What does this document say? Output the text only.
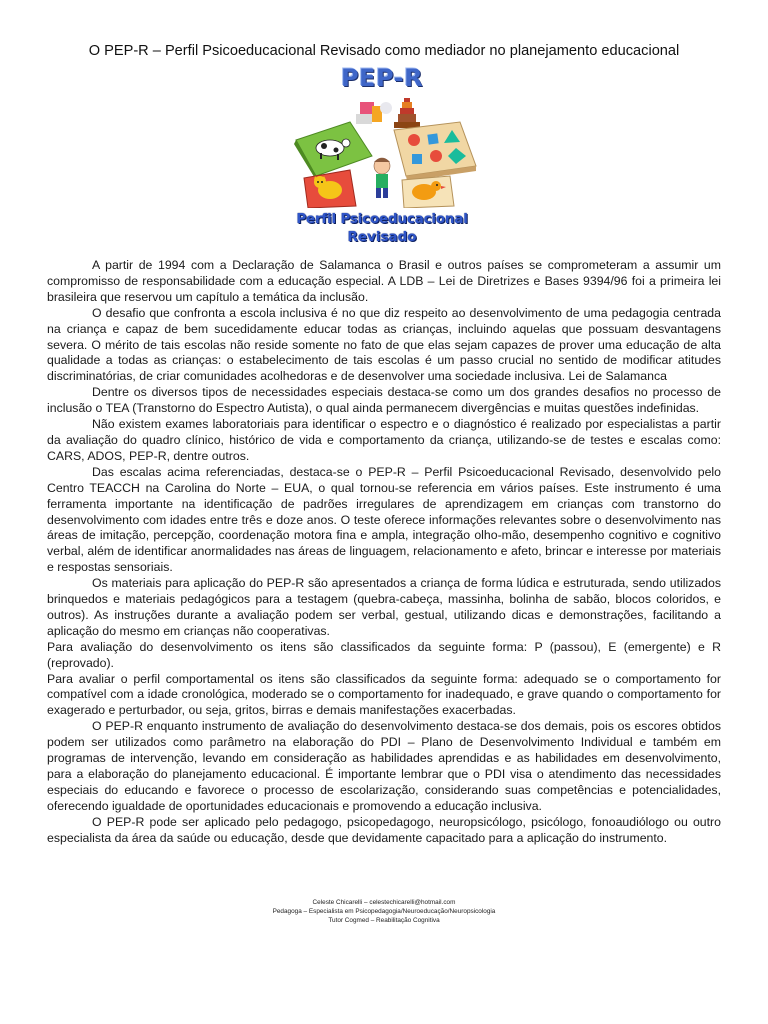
O PEP-R – Perfil Psicoeducacional Revisado como mediador no planejamento educacional
PEP-R
Perfil Psicoeducacional
Revisado

A partir de 1994 com a Declaração de Salamanca o Brasil e outros países se comprometeram a assumir um compromisso de responsabilidade com a educação especial. A LDB – Lei de Diretrizes e Bases 9394/96 foi a primeira lei brasileira que reservou um capítulo a temática da inclusão.

O desafio que confronta a escola inclusiva é no que diz respeito ao desenvolvimento de uma pedagogia centrada na criança e capaz de bem sucedidamente educar todas as crianças, incluindo aquelas que possuam desvantagens severa. O mérito de tais escolas não reside somente no fato de que elas sejam capazes de prover uma educação de alta qualidade a todas as crianças: o estabelecimento de tais escolas é um passo crucial no sentido de modificar atitudes discriminatórias, de criar comunidades acolhedoras e de desenvolver uma sociedade inclusiva. Lei de Salamanca

Dentre os diversos tipos de necessidades especiais destaca-se como um dos grandes desafios no processo de inclusão o TEA (Transtorno do Espectro Autista), o qual ainda permanecem divergências e muitas questões indefinidas.

Não existem exames laboratoriais para identificar o espectro e o diagnóstico é realizado por especialistas a partir da avaliação do quadro clínico, histórico de vida e comportamento da criança, utilizando-se de testes e escalas como: CARS, ADOS, PEP-R, dentre outros.

Das escalas acima referenciadas, destaca-se o PEP-R – Perfil Psicoeducacional Revisado, desenvolvido pelo Centro TEACCH na Carolina do Norte – EUA, o qual tornou-se referencia em vários países. Este instrumento é uma ferramenta importante na identificação de padrões irregulares de aprendizagem em crianças com transtorno do desenvolvimento com idades entre três e doze anos. O teste oferece informações relevantes sobre o desenvolvimento nas áreas de imitação, percepção, coordenação motora fina e ampla, integração olho-mão, desempenho cognitivo e cognitivo verbal, além de identificar anormalidades nas áreas de linguagem, relacionamento e afeto, brincar e interesse por materiais e respostas sensoriais.

Os materiais para aplicação do PEP-R são apresentados a criança de forma lúdica e estruturada, sendo utilizados brinquedos e materiais pedagógicos para a testagem (quebra-cabeça, massinha, bolinha de sabão, blocos coloridos, e outros). As instruções durante a avaliação podem ser verbal, gestual, utilizando dicas e demonstrações, facilitando a aplicação do mesmo em crianças não cooperativas.

Para avaliação do desenvolvimento os itens são classificados da seguinte forma: P (passou), E (emergente) e R (reprovado).

Para avaliar o perfil comportamental os itens são classificados da seguinte forma: adequado se o comportamento for compatível com a idade cronológica, moderado se o comportamento for inadequado, e grave quando o comportamento for exagerado e perturbador, ou seja, gritos, birras e demais manifestações exacerbadas.

O PEP-R enquanto instrumento de avaliação do desenvolvimento destaca-se dos demais, pois os escores obtidos podem ser utilizados como parâmetro na elaboração do PDI – Plano de Desenvolvimento Individual e também em programas de intervenção, levando em consideração as habilidades aprendidas e as habilidades em desenvolvimento, para a elaboração do planejamento educacional. É importante lembrar que o PDI visa o atendimento das necessidades especiais do educando e favorece o processo de escolarização, considerando suas competências e potencialidades, oferecendo igualdade de oportunidades educacionais e promovendo a educação inclusiva.

O PEP-R pode ser aplicado pelo pedagogo, psicopedagogo, neuropsicólogo, psicólogo, fonoaudiólogo ou outro especialista da área da saúde ou educação, desde que devidamente capacitado para a aplicação do instrumento.

Celeste Chicarelli – celestechicarelli@hotmail.com
Pedagoga – Especialista em Psicopedagogia/Neuroeducação/Neuropsicologia
Tutor Cogmed – Reabilitação Cognitiva
